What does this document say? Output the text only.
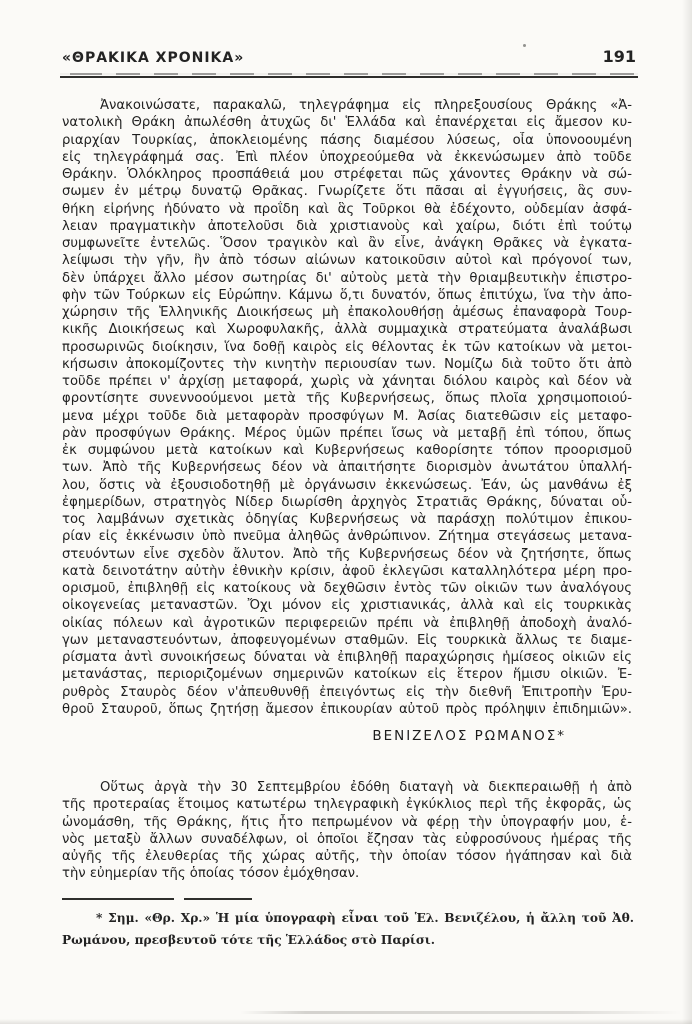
«ΘΡΑΚΙΚΑ ΧΡΟΝΙΚΑ»	191
Ἀνακοινώσατε, παρακαλῶ, τηλεγράφημα εἰς πληρεξουσίους Θράκης «Ἀ-
νατολικὴ Θράκη ἀπωλέσθη ἀτυχῶς δι' Ἑλλάδα καὶ ἐπανέρχεται εἰς ἄμεσον κυ-
ριαρχίαν Τουρκίας, ἀποκλειομένης πάσης διαμέσου λύσεως, οἷα ὑπονοουμένη
εἰς τηλεγράφημά σας. Ἐπὶ πλέον ὑποχρεούμεθα νὰ ἐκκενώσωμεν ἀπὸ τοῦδε
Θράκην. Ὁλόκληρος προσπάθειά μου στρέφεται πῶς χάνοντες Θράκην νὰ σώ-
σωμεν ἐν μέτρῳ δυνατῷ Θρᾶκας. Γνωρίζετε ὅτι πᾶσαι αἱ ἐγγυήσεις, ἃς συν-
θήκη εἰρήνης ἠδύνατο νὰ προΐδη καὶ ἃς Τοῦρκοι θὰ ἐδέχοντο, οὐδεμίαν ἀσφά-
λειαν πραγματικὴν ἀποτελοῦσι διὰ χριστιανοὺς καὶ χαίρω, διότι ἐπὶ τούτῳ
συμφωνεῖτε ἐντελῶς. Ὅσον τραγικὸν καὶ ἂν εἶνε, ἀνάγκη Θρᾶκες νὰ ἐγκατα-
λείψωσι τὴν γῆν, ἣν ἀπὸ τόσων αἰώνων κατοικοῦσιν αὐτοὶ καὶ πρόγονοί των,
δὲν ὑπάρχει ἄλλο μέσον σωτηρίας δι' αὐτοὺς μετὰ τὴν θριαμβευτικὴν ἐπιστρο-
φὴν τῶν Τούρκων εἰς Εὐρώπην. Κάμνω ὅ,τι δυνατόν, ὅπως ἐπιτύχω, ἵνα τὴν ἀπο-
χώρησιν τῆς Ἑλληνικῆς Διοικήσεως μὴ ἐπακολουθήσῃ ἀμέσως ἐπαναφορὰ Τουρ-
κικῆς Διοικήσεως καὶ Χωροφυλακῆς, ἀλλὰ συμμαχικὰ στρατεύματα ἀναλάβωσι
προσωρινῶς διοίκησιν, ἵνα δοθῇ καιρὸς εἰς θέλοντας ἐκ τῶν κατοίκων νὰ μετοι-
κήσωσιν ἀποκομίζοντες τὴν κινητὴν περιουσίαν των. Νομίζω διὰ τοῦτο ὅτι ἀπὸ
τοῦδε πρέπει ν' ἀρχίσῃ μεταφορά, χωρὶς νὰ χάνηται διόλου καιρὸς καὶ δέον νὰ
φροντίσητε συνεννοούμενοι μετὰ τῆς Κυβερνήσεως, ὅπως πλοῖα χρησιμοποιού-
μενα μέχρι τοῦδε διὰ μεταφορὰν προσφύγων Μ. Ἀσίας διατεθῶσιν εἰς μεταφο-
ρὰν προσφύγων Θράκης. Μέρος ὑμῶν πρέπει ἴσως νὰ μεταβῇ ἐπὶ τόπου, ὅπως
ἐκ συμφώνου μετὰ κατοίκων καὶ Κυβερνήσεως καθορίσητε τόπον προορισμοῦ
των. Ἀπὸ τῆς Κυβερνήσεως δέον νὰ ἀπαιτήσητε διορισμὸν ἀνωτάτου ὑπαλλή-
λου, ὅστις νὰ ἐξουσιοδοτηθῇ μὲ ὀργάνωσιν ἐκκενώσεως. Ἐάν, ὡς μανθάνω ἐξ
ἐφημερίδων, στρατηγὸς Νίδερ διωρίσθη ἀρχηγὸς Στρατιᾶς Θράκης, δύναται οὗ-
τος λαμβάνων σχετικὰς ὁδηγίας Κυβερνήσεως νὰ παράσχῃ πολύτιμον ἐπικου-
ρίαν εἰς ἐκκένωσιν ὑπὸ πνεῦμα ἀληθῶς ἀνθρώπινον. Ζήτημα στεγάσεως μετανα-
στευόντων εἶνε σχεδὸν ἄλυτον. Ἀπὸ τῆς Κυβερνήσεως δέον νὰ ζητήσητε, ὅπως
κατὰ δεινοτάτην αὐτὴν ἐθνικὴν κρίσιν, ἀφοῦ ἐκλεγῶσι καταλληλότερα μέρη προ-
ορισμοῦ, ἐπιβληθῇ εἰς κατοίκους νὰ δεχθῶσιν ἐντὸς τῶν οἰκιῶν των ἀναλόγους
οἰκογενείας μεταναστῶν. Ὄχι μόνον εἰς χριστιανικάς, ἀλλὰ καὶ εἰς τουρκικὰς
οἰκίας πόλεων καὶ ἀγροτικῶν περιφερειῶν πρέπι νὰ ἐπιβληθῇ ἀποδοχὴ ἀναλό-
γων μεταναστευόντων, ἀποφευγομένων σταθμῶν. Εἰς τουρκικὰ ἄλλως τε διαμε-
ρίσματα ἀντὶ συνοικήσεως δύναται νὰ ἐπιβληθῇ παραχώρησις ἡμίσεος οἰκιῶν εἰς
μετανάστας, περιοριζομένων σημερινῶν κατοίκων εἰς ἕτερον ἥμισυ οἰκιῶν. Ἐ-
ρυθρὸς Σταυρὸς δέον ν'ἀπευθυνθῇ ἐπειγόντως εἰς τὴν διεθνῆ Ἐπιτροπὴν Ἐρυ-
θροῦ Σταυροῦ, ὅπως ζητήσῃ ἄμεσον ἐπικουρίαν αὐτοῦ πρὸς πρόληψιν ἐπιδημιῶν».
ΒΕΝΙΖΕΛΟΣ ΡΩΜΑΝΟΣ*
Οὕτως ἀργὰ τὴν 30 Σεπτεμβρίου ἐδόθη διαταγὴ νὰ διεκπεραιωθῇ ἡ ἀπὸ
τῆς προτεραίας ἕτοιμος κατωτέρω τηλεγραφικὴ ἐγκύκλιος περὶ τῆς ἐκφορᾶς, ὡς
ὠνομάσθη, τῆς Θράκης, ἥτις ἦτο πεπρωμένον νὰ φέρῃ τὴν ὑπογραφήν μου, ἑ-
νὸς μεταξὺ ἄλλων συναδέλφων, οἱ ὁποῖοι ἔζησαν τὰς εὐφροσύνους ἡμέρας τῆς
αὐγῆς τῆς ἐλευθερίας τῆς χώρας αὐτῆς, τὴν ὁποίαν τόσον ἠγάπησαν καὶ διὰ
τὴν εὐημερίαν τῆς ὁποίας τόσον ἐμόχθησαν.
* Σημ. «Θρ. Χρ.» Ἡ μία ὑπογραφὴ εἶναι τοῦ Ἑλ. Βενιζέλου, ἡ ἄλλη τοῦ Ἀθ.
Ρωμάνου, πρεσβευτοῦ τότε τῆς Ἑλλάδος στὸ Παρίσι.
